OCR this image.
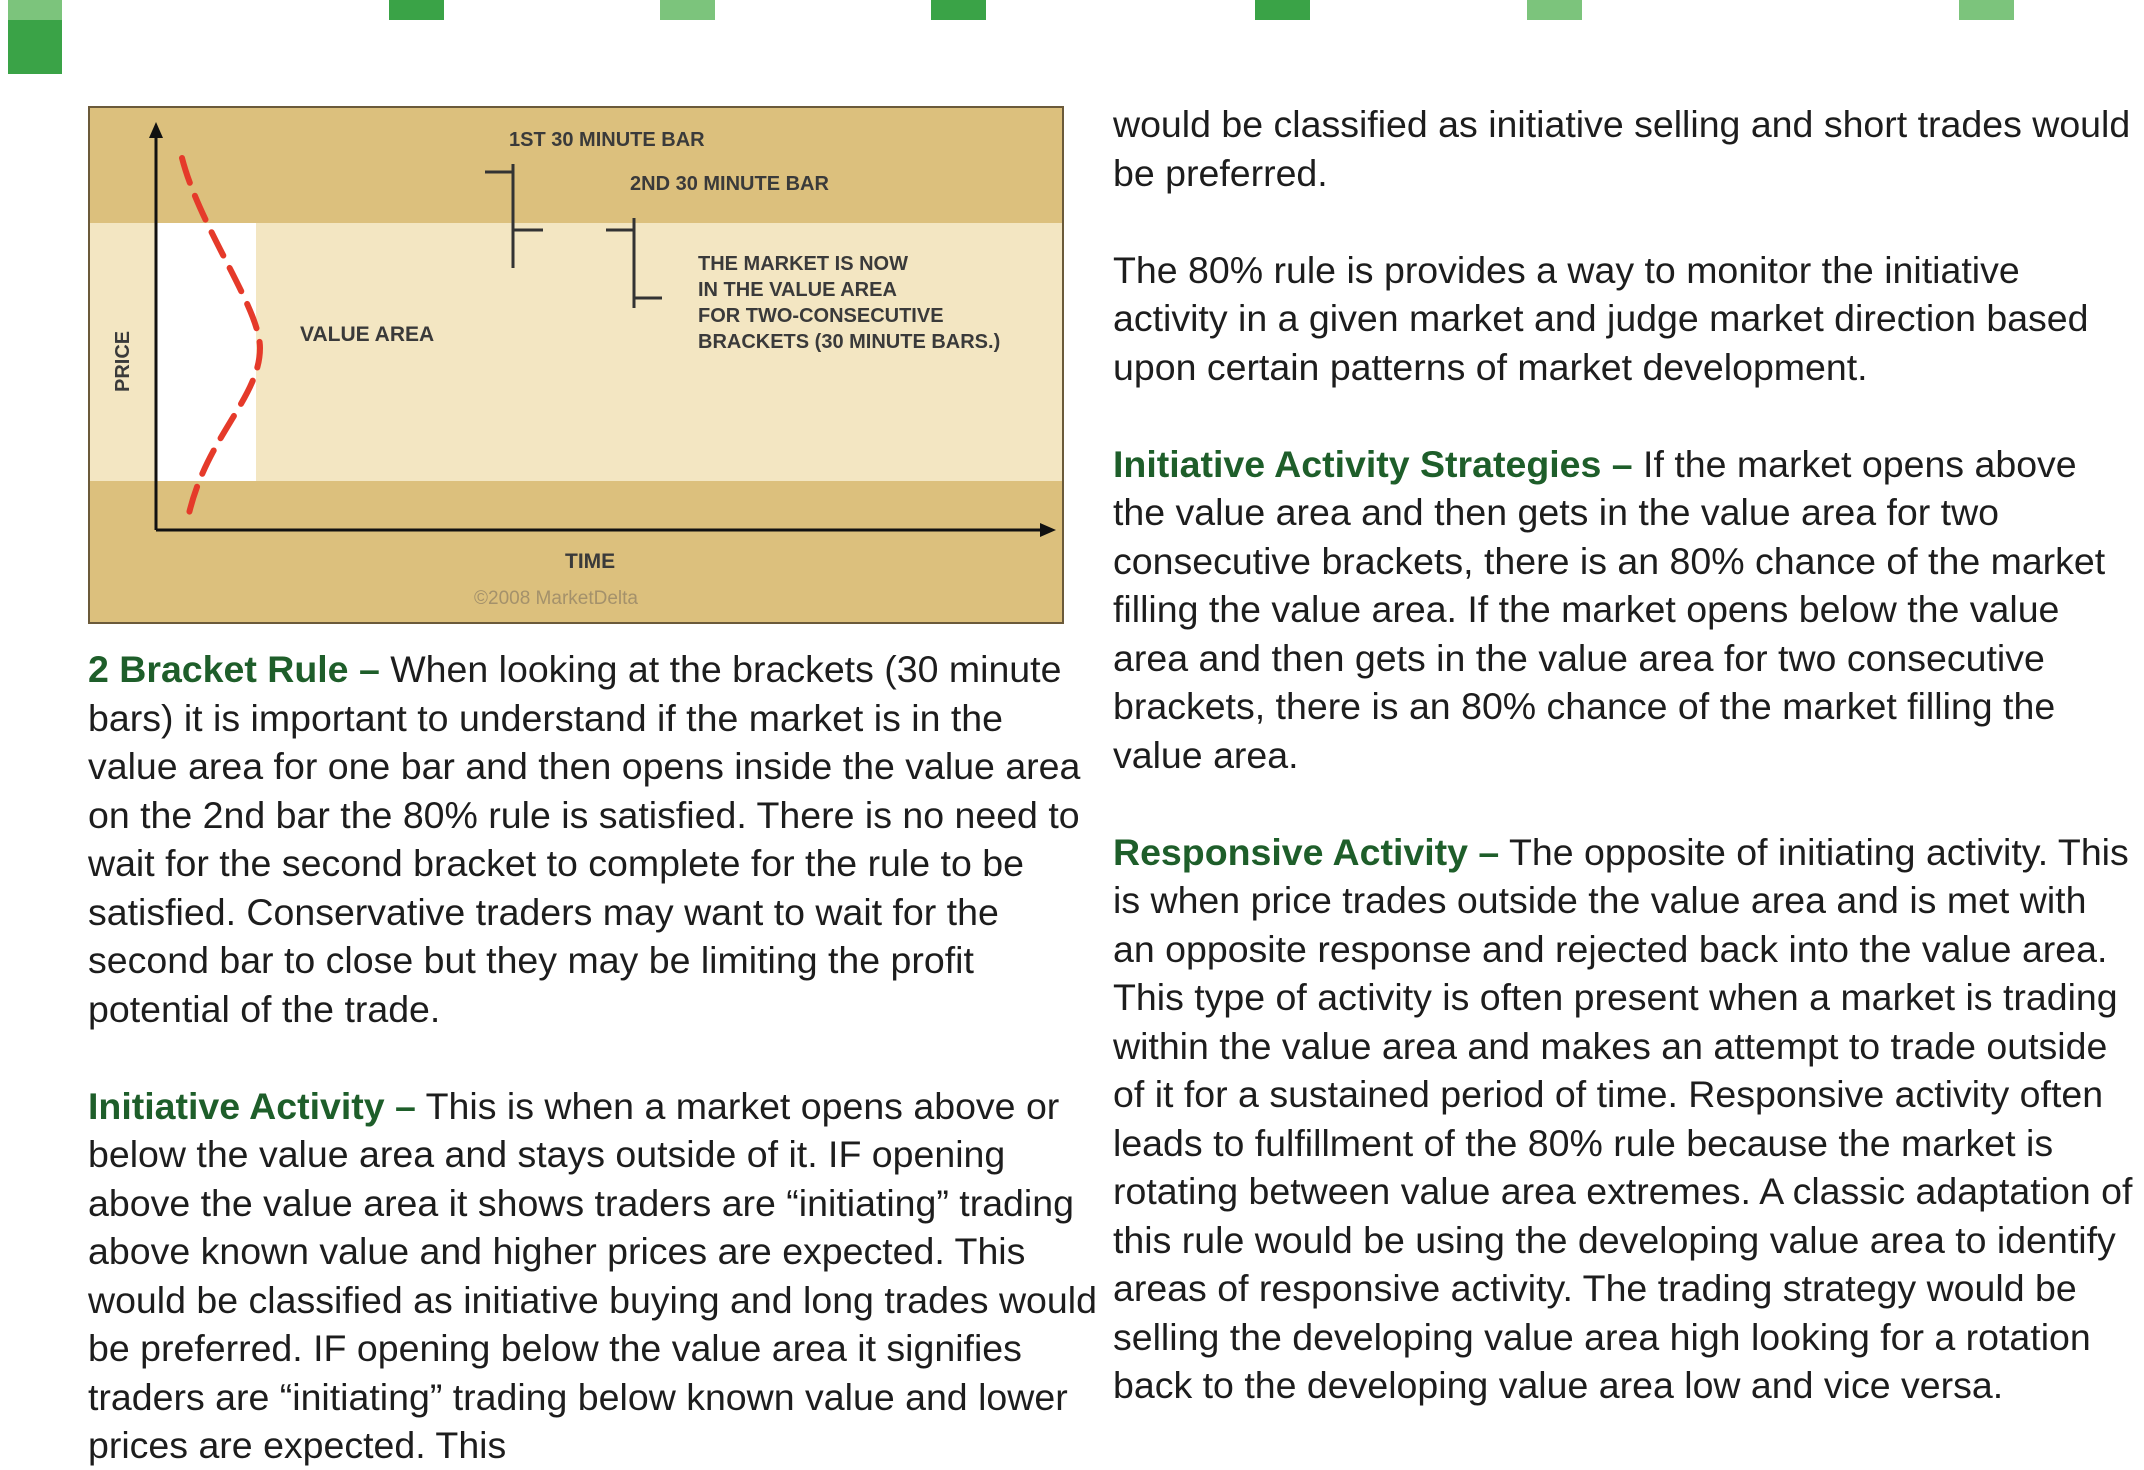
1ST 30 MINUTE BAR
2ND 30 MINUTE BAR
THE MARKET IS NOW IN THE VALUE AREA FOR TWO-CONSECUTIVE BRACKETS (30 MINUTE BARS.)
VALUE AREA
PRICE
TIME
©2008 MarketDelta

2 Bracket Rule – When looking at the brackets (30 minute bars) it is important to understand if the market is in the value area for one bar and then opens inside the value area on the 2nd bar the 80% rule is satisfied. There is no need to wait for the second bracket to complete for the rule to be satisfied. Conservative traders may want to wait for the second bar to close but they may be limiting the profit potential of the trade.

Initiative Activity – This is when a market opens above or below the value area and stays outside of it. IF opening above the value area it shows traders are “initiating” trading above known value and higher prices are expected. This would be classified as initiative buying and long trades would be preferred. IF opening below the value area it signifies traders are “initiating” trading below known value and lower prices are expected. This

would be classified as initiative selling and short trades would be preferred.

The 80% rule is provides a way to monitor the initiative activity in a given market and judge market direction based upon certain patterns of market development.

Initiative Activity Strategies – If the market opens above the value area and then gets in the value area for two consecutive brackets, there is an 80% chance of the market filling the value area. If the market opens below the value area and then gets in the value area for two consecutive brackets, there is an 80% chance of the market filling the value area.

Responsive Activity – The opposite of initiating activity. This is when price trades outside the value area and is met with an opposite response and rejected back into the value area. This type of activity is often present when a market is trading within the value area and makes an attempt to trade outside of it for a sustained period of time. Responsive activity often leads to fulfillment of the 80% rule because the market is rotating between value area extremes. A classic adaptation of this rule would be using the developing value area to identify areas of responsive activity. The trading strategy would be selling the developing value area high looking for a rotation back to the developing value area low and vice versa.
